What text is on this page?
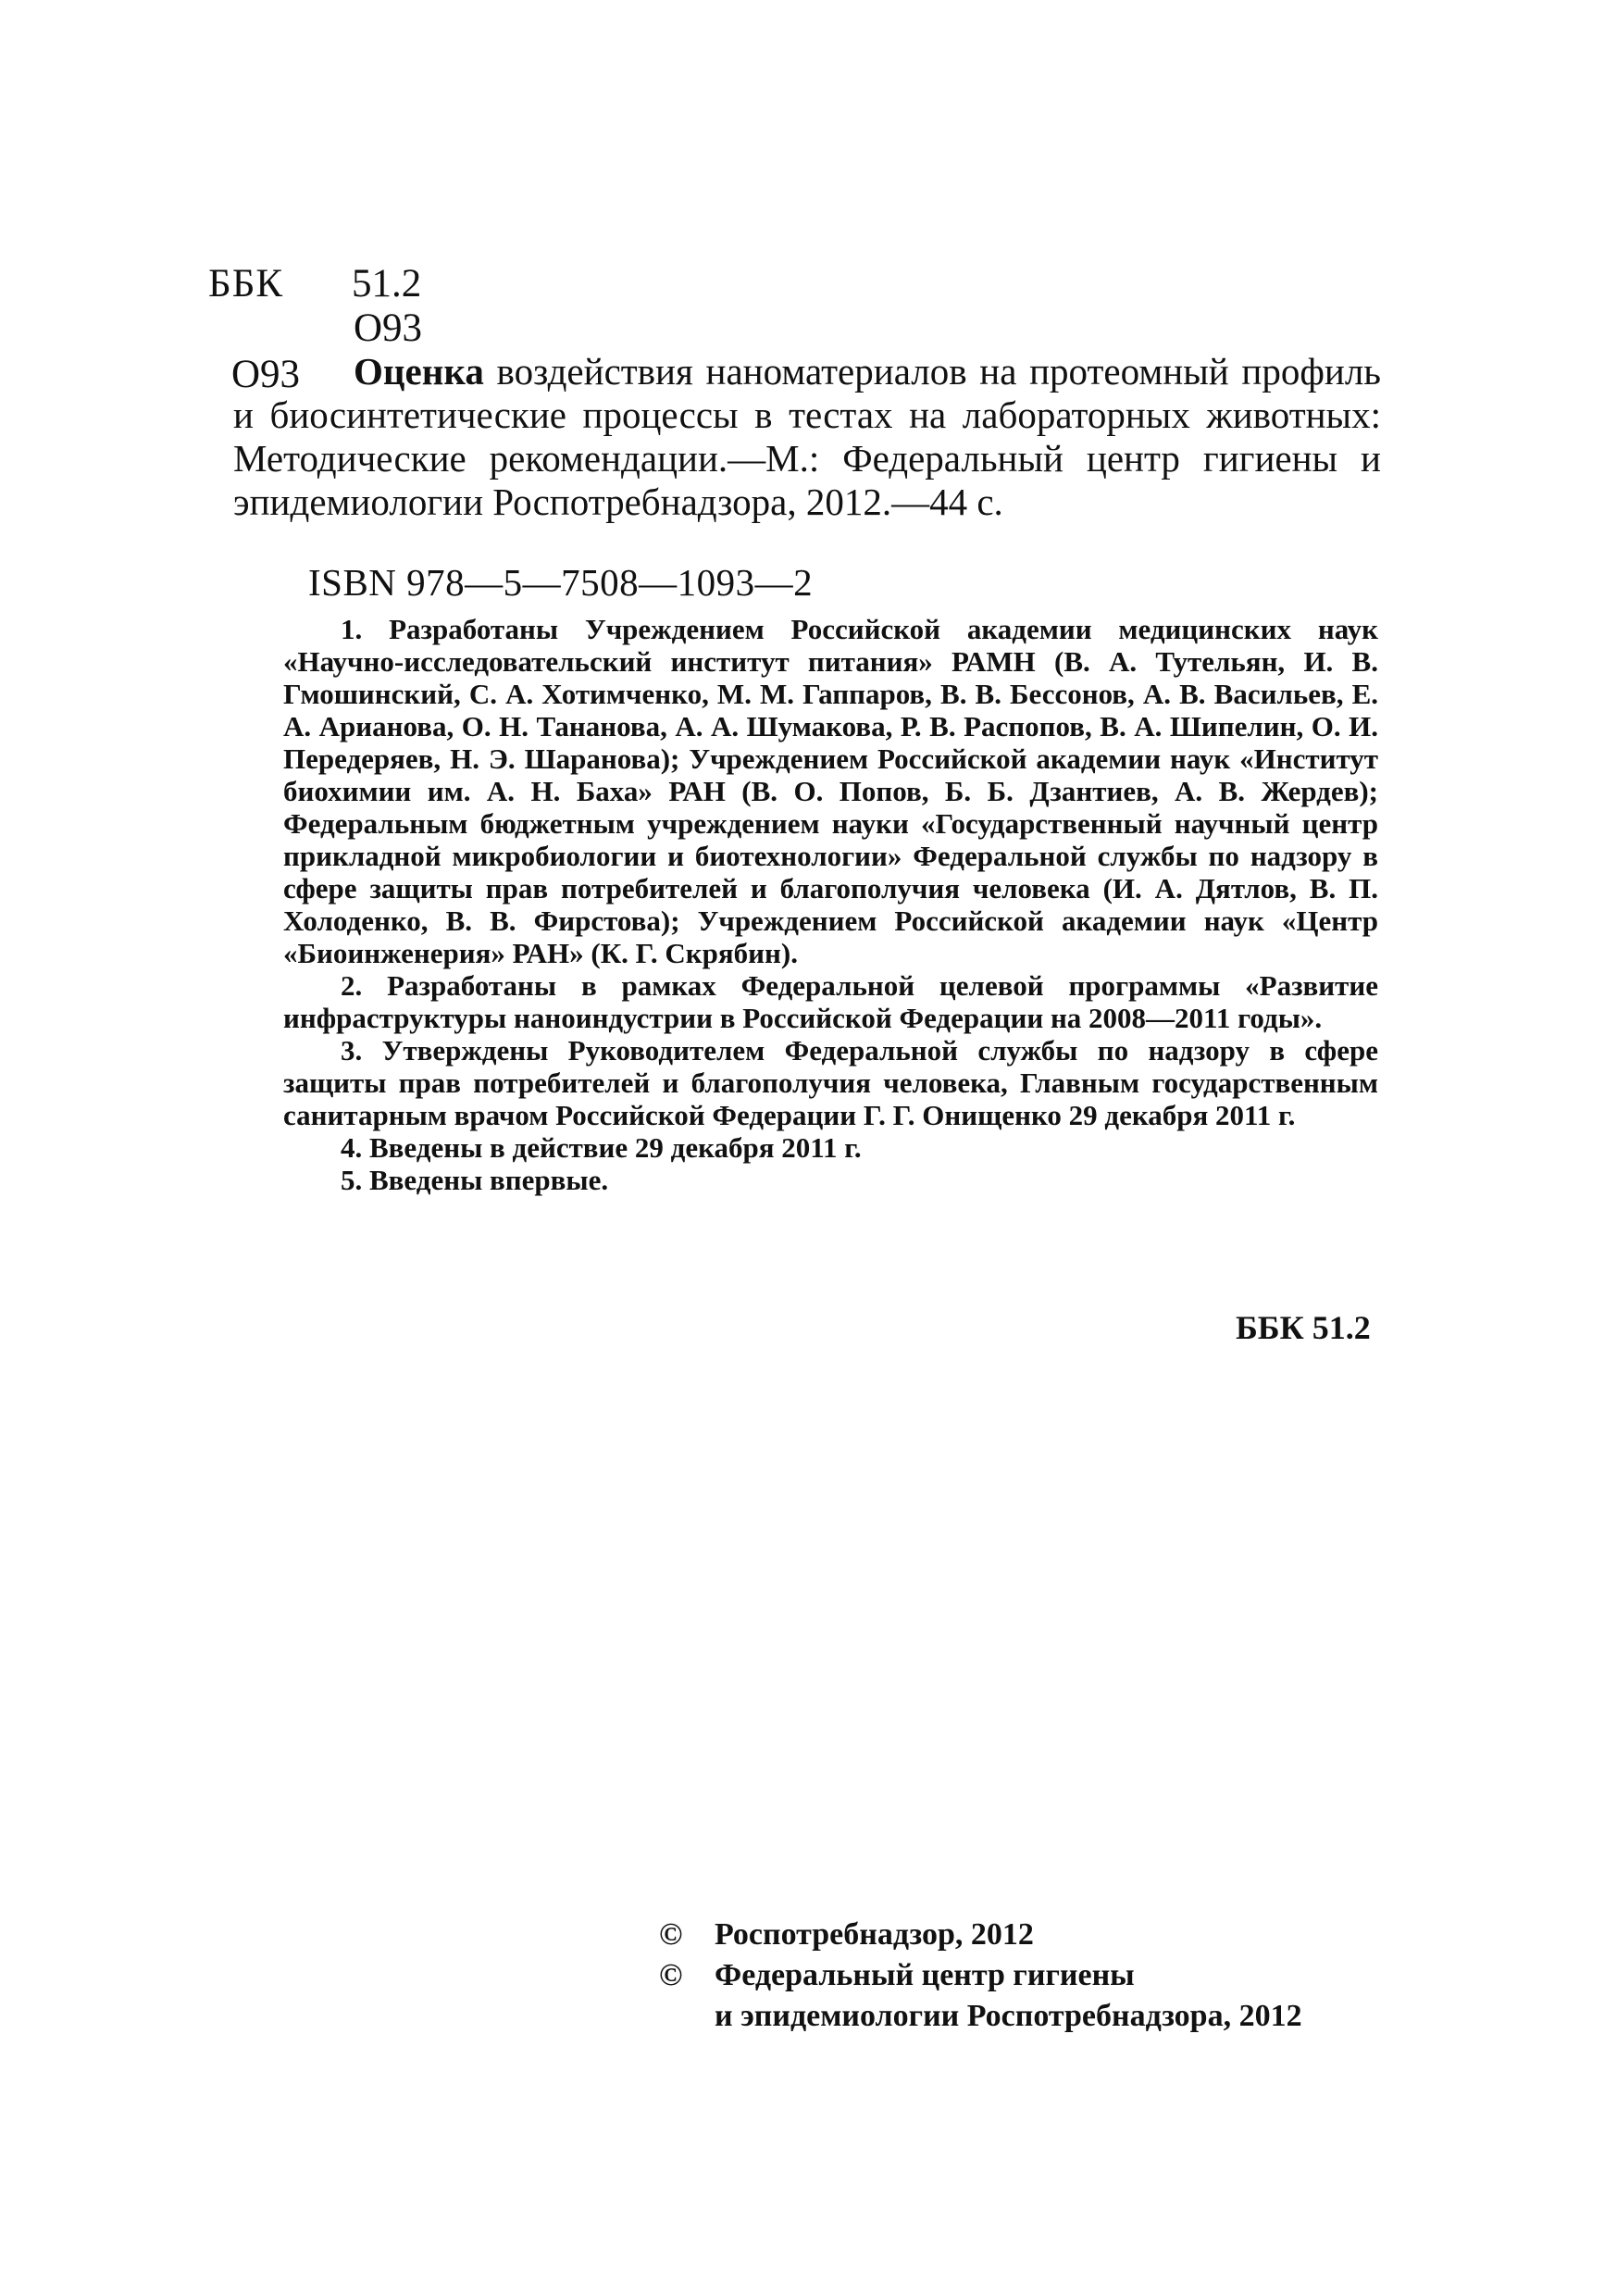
ББК 51.2
О93
О93	Оценка воздействия наноматериалов на протеомный профиль и биосинтетические процессы в тестах на лабораторных животных: Методические рекомендации.—М.: Федеральный центр гигиены и эпидемиологии Роспотребнадзора, 2012.—44 с.
ISBN 978—5—7508—1093—2

1. Разработаны Учреждением Российской академии медицинских наук «Научно-исследовательский институт питания» РАМН (В. А. Тутельян, И. В. Гмошинский, С. А. Хотимченко, М. М. Гаппаров, В. В. Бессонов, А. В. Васильев, Е. А. Арианова, О. Н. Тананова, А. А. Шумакова, Р. В. Распопов, В. А. Шипелин, О. И. Передеряев, Н. Э. Шаранова); Учреждением Российской академии наук «Институт биохимии им. А. Н. Баха» РАН (В. О. Попов, Б. Б. Дзантиев, А. В. Жердев); Федеральным бюджетным учреждением науки «Государственный научный центр прикладной микробиологии и биотехнологии» Федеральной службы по надзору в сфере защиты прав потребителей и благополучия человека (И. А. Дятлов, В. П. Холоденко, В. В. Фирстова); Учреждением Российской академии наук «Центр «Биоинженерия» РАН» (К. Г. Скрябин).

2. Разработаны в рамках Федеральной целевой программы «Развитие инфраструктуры наноиндустрии в Российской Федерации на 2008—2011 годы».

3. Утверждены Руководителем Федеральной службы по надзору в сфере защиты прав потребителей и благополучия человека, Главным государственным санитарным врачом Российской Федерации Г. Г. Онищенко 29 декабря 2011 г.

4. Введены в действие 29 декабря 2011 г.

5. Введены впервые.

ББК 51.2
©	Роспотребнадзор, 2012
©	Федеральный центр гигиены
и эпидемиологии Роспотребнадзора, 2012
